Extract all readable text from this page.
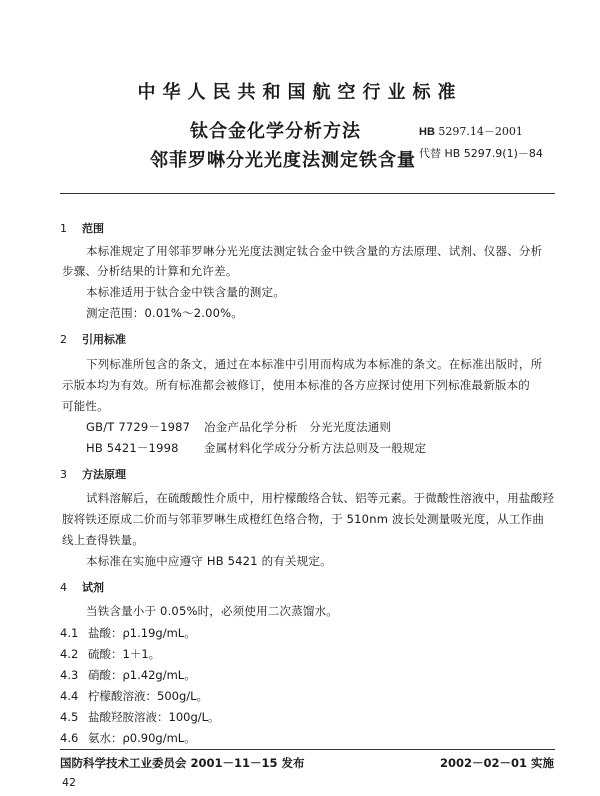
中华人民共和国航空行业标准
钛合金化学分析方法
邻菲罗啉分光光度法测定铁含量
HB 5297.14－2001
代替 HB 5297.9(1)－84
1 范围
本标准规定了用邻菲罗啉分光光度法测定钛合金中铁含量的方法原理、试剂、仪器、分析
步骤、分析结果的计算和允许差。
本标准适用于钛合金中铁含量的测定。
测定范围：0.01%～2.00%。
2 引用标准
下列标准所包含的条文，通过在本标准中引用而构成为本标准的条文。在标准出版时，所
示版本均为有效。所有标准都会被修订，使用本标准的各方应探讨使用下列标准最新版本的
可能性。
GB/T 7729－1987 冶金产品化学分析　分光光度法通则
HB 5421－1998 金属材料化学成分分析方法总则及一般规定
3 方法原理
试料溶解后，在硫酸酸性介质中，用柠檬酸络合钛、铝等元素。于微酸性溶液中，用盐酸羟
胺将铁还原成二价而与邻菲罗啉生成橙红色络合物，于 510nm 波长处测量吸光度，从工作曲
线上查得铁量。
本标准在实施中应遵守 HB 5421 的有关规定。
4 试剂
当铁含量小于 0.05%时，必须使用二次蒸馏水。
4.1 盐酸：ρ1.19g/mL。
4.2 硫酸：1＋1。
4.3 硝酸：ρ1.42g/mL。
4.4 柠檬酸溶液：500g/L。
4.5 盐酸羟胺溶液：100g/L。
4.6 氨水：ρ0.90g/mL。
国防科学技术工业委员会 2001－11－15 发布	2002－02－01 实施
42
